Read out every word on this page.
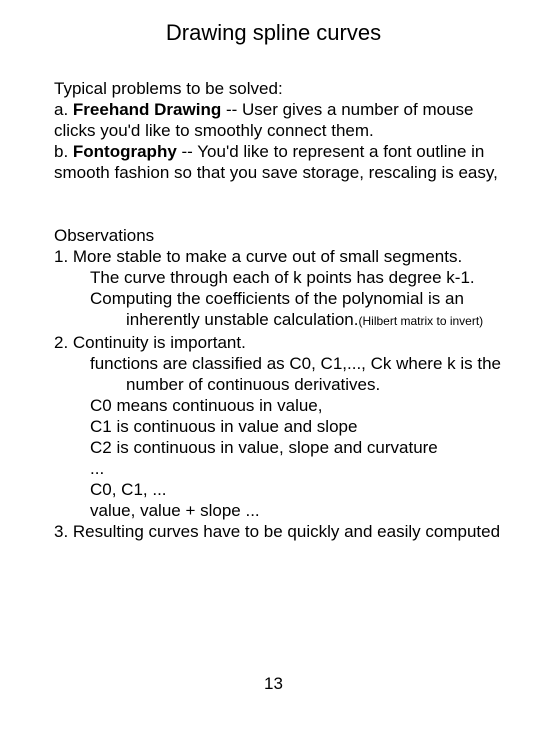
Drawing spline curves
Typical problems to be solved:
a. Freehand Drawing -- User gives a number of mouse
clicks you'd like to smoothly connect them.
b. Fontography -- You'd like to represent a font outline in
smooth fashion so that you save storage, rescaling is easy,
Observations
1. More stable to make a curve out of small segments.
The curve through each of k points has degree k-1.
Computing the coefficients of the polynomial is an
inherently unstable calculation.(Hilbert matrix to invert)
2. Continuity is important.
functions are classified as C0, C1,..., Ck where k is the
number of continuous derivatives.
C0 means continuous in value,
C1 is continuous in value and slope
C2 is continuous in value, slope and curvature
...
C0, C1, ...
value, value + slope ...
3. Resulting curves have to be quickly and easily computed
13
